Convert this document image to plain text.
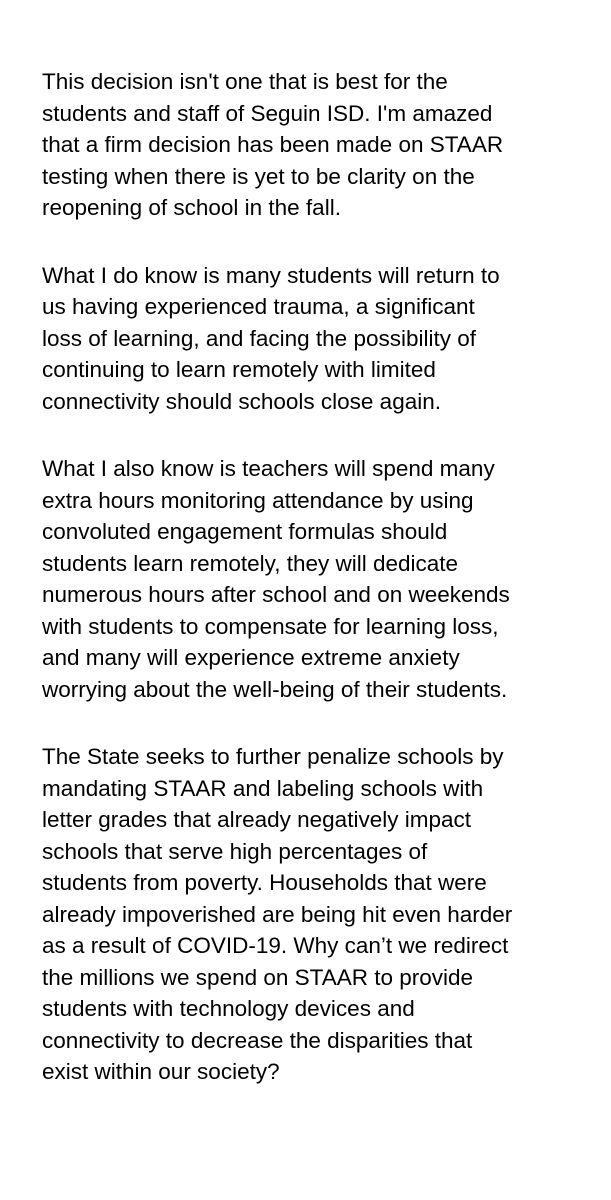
This decision isn't one that is best for the
students and staff of Seguin ISD. I'm amazed
that a firm decision has been made on STAAR
testing when there is yet to be clarity on the
reopening of school in the fall.
What I do know is many students will return to
us having experienced trauma, a significant
loss of learning, and facing the possibility of
continuing to learn remotely with limited
connectivity should schools close again.
What I also know is teachers will spend many
extra hours monitoring attendance by using
convoluted engagement formulas should
students learn remotely, they will dedicate
numerous hours after school and on weekends
with students to compensate for learning loss,
and many will experience extreme anxiety
worrying about the well-being of their students.
The State seeks to further penalize schools by
mandating STAAR and labeling schools with
letter grades that already negatively impact
schools that serve high percentages of
students from poverty. Households that were
already impoverished are being hit even harder
as a result of COVID-19. Why can’t we redirect
the millions we spend on STAAR to provide
students with technology devices and
connectivity to decrease the disparities that
exist within our society?
